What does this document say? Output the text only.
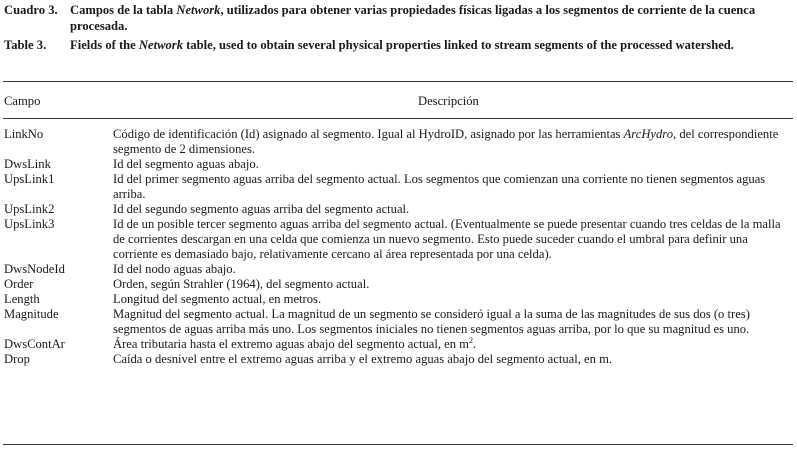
Cuadro 3. Campos de la tabla Network, utilizados para obtener varias propiedades físicas ligadas a los segmentos de corriente de la cuenca procesada.
Table 3.	Fields of the Network table, used to obtain several physical properties linked to stream segments of the processed watershed.
Campo	Descripción
LinkNo	Código de identificación (Id) asignado al segmento. Igual al HydroID, asignado por las herramientas ArcHydro, del correspondiente segmento de 2 dimensiones.
DwsLink	Id del segmento aguas abajo.
UpsLink1	Id del primer segmento aguas arriba del segmento actual. Los segmentos que comienzan una corriente no tienen segmentos aguas arriba.
UpsLink2	Id del segundo segmento aguas arriba del segmento actual.
UpsLink3	Id de un posible tercer segmento aguas arriba del segmento actual. (Eventualmente se puede presentar cuando tres celdas de la malla de corrientes descargan en una celda que comienza un nuevo segmento. Esto puede suceder cuando el umbral para definir una corriente es demasiado bajo, relativamente cercano al área representada por una celda).
DwsNodeId	Id del nodo aguas abajo.
Order	Orden, según Strahler (1964), del segmento actual.
Length	Longitud del segmento actual, en metros.
Magnitude	Magnitud del segmento actual. La magnitud de un segmento se consideró igual a la suma de las magnitudes de sus dos (o tres) segmentos de aguas arriba más uno. Los segmentos iniciales no tienen segmentos aguas arriba, por lo que su magnitud es uno.
DwsContAr	Área tributaria hasta el extremo aguas abajo del segmento actual, en $m^2$.
Drop	Caída o desnivel entre el extremo aguas arriba y el extremo aguas abajo del segmento actual, en m.
